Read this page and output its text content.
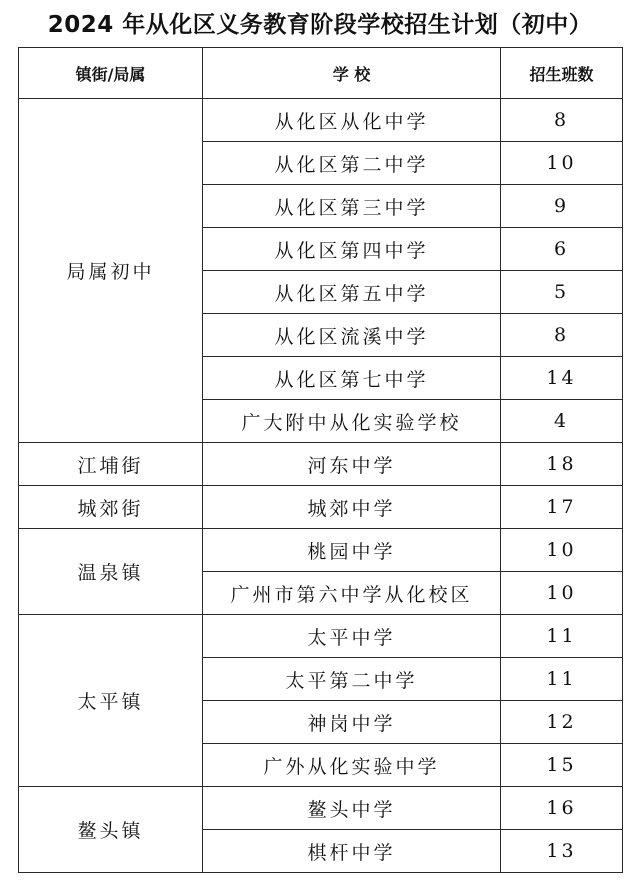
2024 年从化区义务教育阶段学校招生计划（初中）
镇街/局属	学 校	招生班数
局属初中	从化区从化中学	8
	从化区第二中学	10
	从化区第三中学	9
	从化区第四中学	6
	从化区第五中学	5
	从化区流溪中学	8
	从化区第七中学	14
	广大附中从化实验学校	4
江埔街	河东中学	18
城郊街	城郊中学	17
温泉镇	桃园中学	10
	广州市第六中学从化校区	10
太平镇	太平中学	11
	太平第二中学	11
	神岗中学	12
	广外从化实验中学	15
鳌头镇	鳌头中学	16
	棋杆中学	13
